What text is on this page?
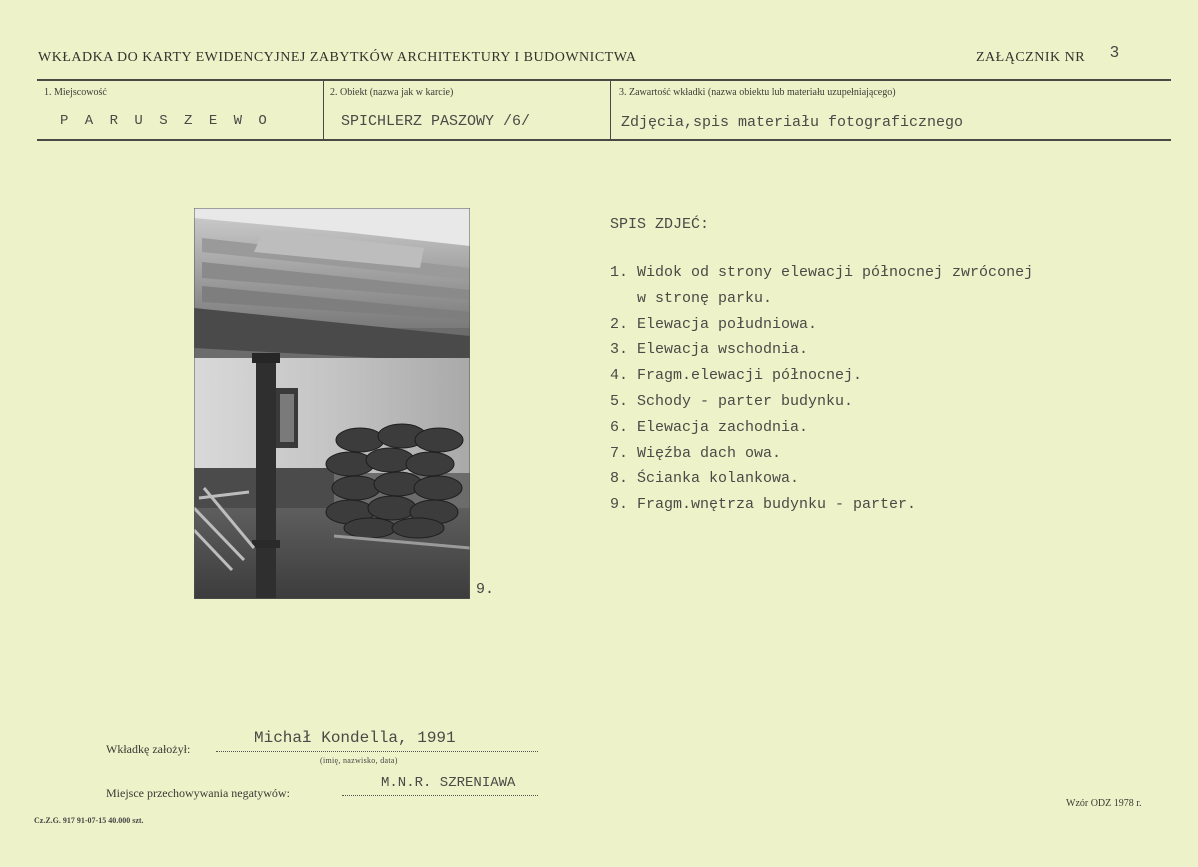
WKŁADKA DO KARTY EWIDENCYJNEJ ZABYTKÓW ARCHITEKTURY I BUDOWNICTWA	ZAŁĄCZNIK NR 3
1. Miejscowość
P A R U S Z E W O
2. Obiekt (nazwa jak w karcie)
SPICHLERZ PASZOWY /6/
3. Zawartość wkładki (nazwa obiektu lub materiału uzupełniającego)
Zdjęcia,spis materiału fotograficznego
9.
SPIS ZDJEĆ:
1. Widok od strony elewacji północnej zwróconej
w stronę parku.
2. Elewacja południowa.
3. Elewacja wschodnia.
4. Fragm.elewacji północnej.
5. Schody - parter budynku.
6. Elewacja zachodnia.
7. Więźba dach owa.
8. Ścianka kolankowa.
9. Fragm.wnętrza budynku - parter.
Wkładkę założył:
Michał Kondella, 1991
(imię, nazwisko, data)
Miejsce przechowywania negatywów:
M.N.R. SZRENIAWA
Cz.Z.G. 917 91-07-15 40.000 szt.
Wzór ODZ 1978 r.
